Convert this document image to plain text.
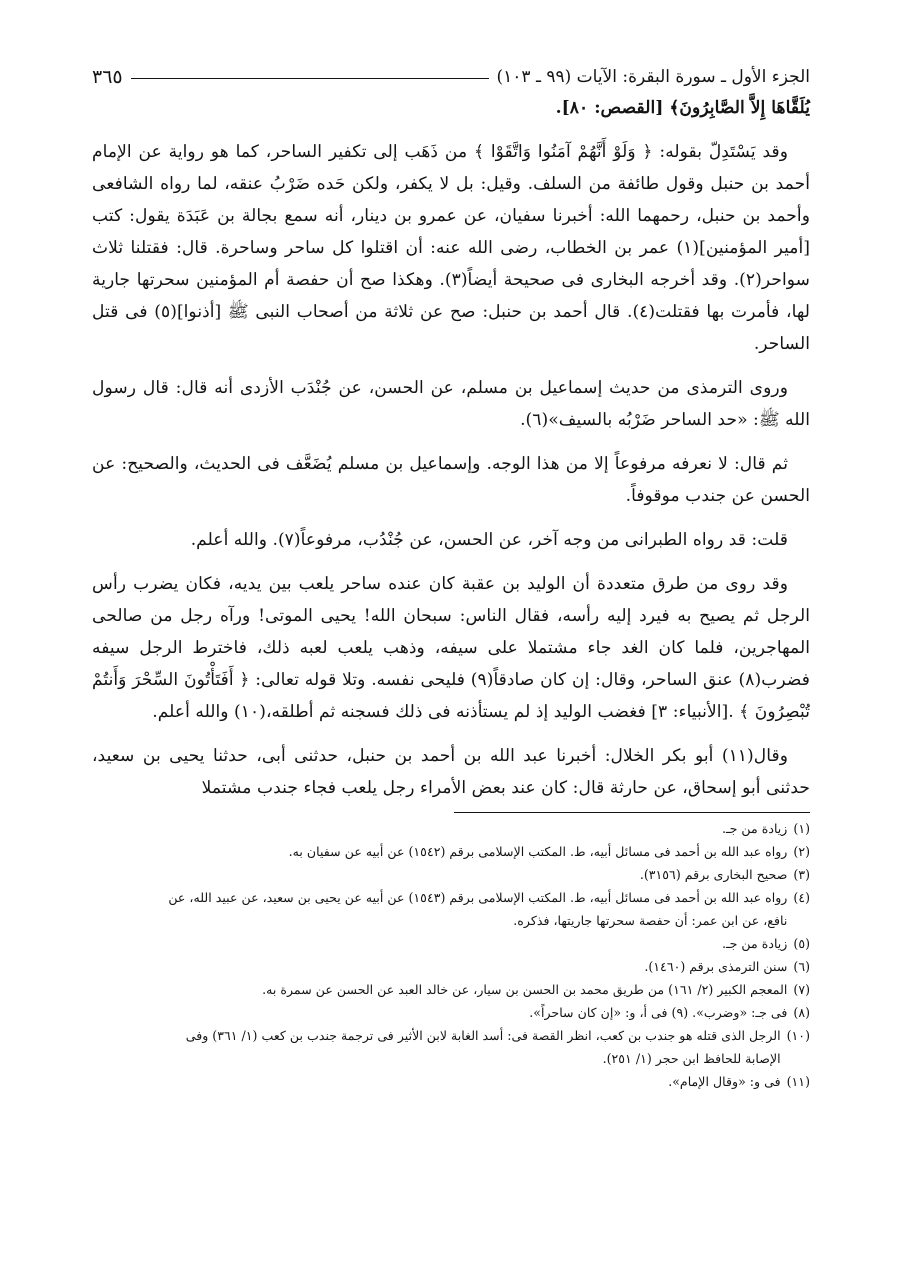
الجزء الأول ـ سورة البقرة: الآيات (٩٩ ـ ١٠٣)
٣٦٥

يُلَقَّاهَا إِلاَّ الصَّابِرُونَ﴾ [القصص: ٨٠].

وقد يَسْتَدِلّ بقوله: ﴿ وَلَوْ أَنَّهُمْ آمَنُوا وَاتَّقَوْا ﴾ من ذَهَب إلى تكفير الساحر، كما هو رواية عن الإمام أحمد بن حنبل وقول طائفة من السلف. وقيل: بل لا يكفر، ولكن حَده ضَرْبُ عنقه، لما رواه الشافعى وأحمد بن حنبل، رحمهما الله: أخبرنا سفيان، عن عمرو بن دينار، أنه سمع بجالة بن عَبَدَة يقول: كتب [أمير المؤمنين](١) عمر بن الخطاب، رضى الله عنه: أن اقتلوا كل ساحر وساحرة. قال: فقتلنا ثلاث سواحر(٢). وقد أخرجه البخارى فى صحيحة أيضاً(٣). وهكذا صح أن حفصة أم المؤمنين سحرتها جارية لها، فأمرت بها فقتلت(٤). قال أحمد بن حنبل: صح عن ثلاثة من أصحاب النبى ﷺ [أذنوا](٥) فى قتل الساحر.

وروى الترمذى من حديث إسماعيل بن مسلم، عن الحسن، عن جُنْدَب الأزدى أنه قال: قال رسول الله ﷺ: «حد الساحر ضَرْبُه بالسيف»(٦).

ثم قال: لا نعرفه مرفوعاً إلا من هذا الوجه. وإسماعيل بن مسلم يُضَعَّف فى الحديث، والصحيح: عن الحسن عن جندب موقوفاً.

قلت: قد رواه الطبرانى من وجه آخر، عن الحسن، عن جُنْدُب، مرفوعاً(٧). والله أعلم.

وقد روى من طرق متعددة أن الوليد بن عقبة كان عنده ساحر يلعب بين يديه، فكان يضرب رأس الرجل ثم يصيح به فيرد إليه رأسه، فقال الناس: سبحان الله! يحيى الموتى! ورآه رجل من صالحى المهاجرين، فلما كان الغد جاء مشتملا على سيفه، وذهب يلعب لعبه ذلك، فاخترط الرجل سيفه فضرب(٨) عنق الساحر، وقال: إن كان صادقاً(٩) فليحى نفسه. وتلا قوله تعالى: ﴿ أَفَتَأْتُونَ السِّحْرَ وَأَنتُمْ تُبْصِرُونَ ﴾ .[الأنبياء: ٣] فغضب الوليد إذ لم يستأذنه فى ذلك فسجنه ثم أطلقه،(١٠) والله أعلم.

وقال(١١) أبو بكر الخلال: أخبرنا عبد الله بن أحمد بن حنبل، حدثنى أبى، حدثنا يحيى بن سعيد، حدثنى أبو إسحاق، عن حارثة قال: كان عند بعض الأمراء رجل يلعب فجاء جندب مشتملا

(١)
زيادة من جـ.
(٢)
رواه عبد الله بن أحمد فى مسائل أبيه، ط. المكتب الإسلامى برقم (١٥٤٢) عن أبيه عن سفيان به.
(٣)
صحيح البخارى برقم (٣١٥٦).
(٤)
رواه عبد الله بن أحمد فى مسائل أبيه، ط. المكتب الإسلامى برقم (١٥٤٣) عن أبيه عن يحيى بن سعيد، عن عبيد الله، عن
نافع، عن ابن عمر: أن حفصة سحرتها جاريتها، فذكره.
(٥)
زيادة من جـ.
(٦)
سنن الترمذى برقم (١٤٦٠).
(٧)
المعجم الكبير (٢/ ١٦١) من طريق محمد بن الحسن بن سيار، عن خالد العبد عن الحسن عن سمرة به.
(٨)
فى جـ: «وضرب». (٩) فى أ، و: «إن كان ساحراً».
(١٠)
الرجل الذى قتله هو جندب بن كعب، انظر القصة فى: أسد الغابة لابن الأثير فى ترجمة جندب بن كعب (١/ ٣٦١) وفى
الإصابة للحافظ ابن حجر (١/ ٢٥١).
(١١)
فى و: «وقال الإمام».
